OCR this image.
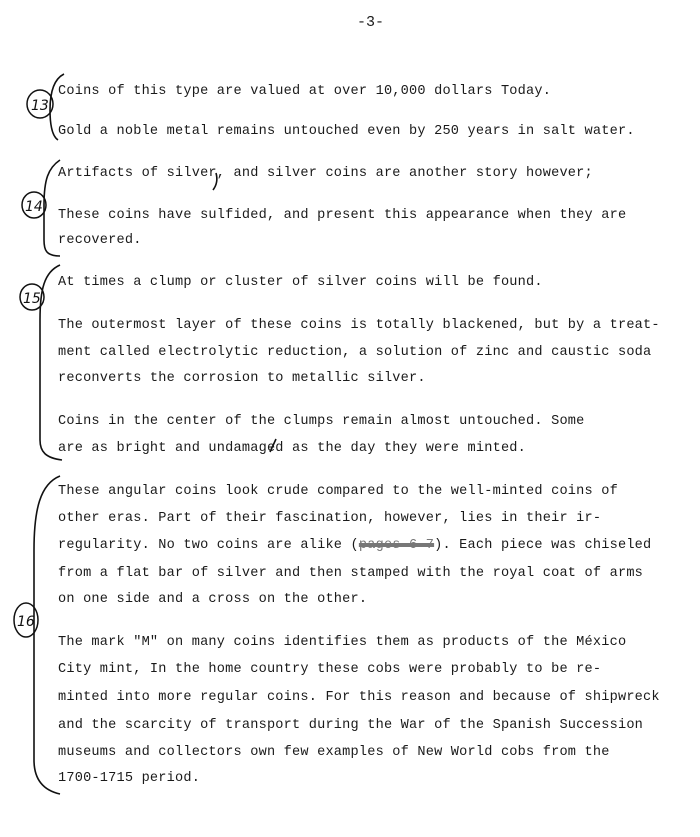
-3-
13
14
15
16
Coins of this type are valued at over 10,000 dollars Today.
Gold a noble metal remains untouched even by 250 years in salt water.
Artifacts of silver, and silver coins are another story however;
These coins have sulfided, and present this appearance when they are
recovered.
At times a clump or cluster of silver coins will be found.
The outermost layer of these coins is totally blackened, but by a treat-
ment called electrolytic reduction, a solution of zinc and caustic soda
reconverts the corrosion to metallic silver.
Coins in the center of the clumps remain almost untouched. Some
are as bright and undamaged as the day they were minted.
These angular coins look crude compared to the well-minted coins of
other eras. Part of their fascination, however, lies in their ir-
regularity. No two coins are alike (pages 6-7). Each piece was chiseled
from a flat bar of silver and then stamped with the royal coat of arms
on one side and a cross on the other.
The mark "M" on many coins identifies them as products of the México
City mint, In the home country these cobs were probably to be re-
minted into more regular coins. For this reason and because of shipwreck
and the scarcity of transport during the War of the Spanish Succession
museums and collectors own few examples of New World cobs from the
1700-1715 period.
